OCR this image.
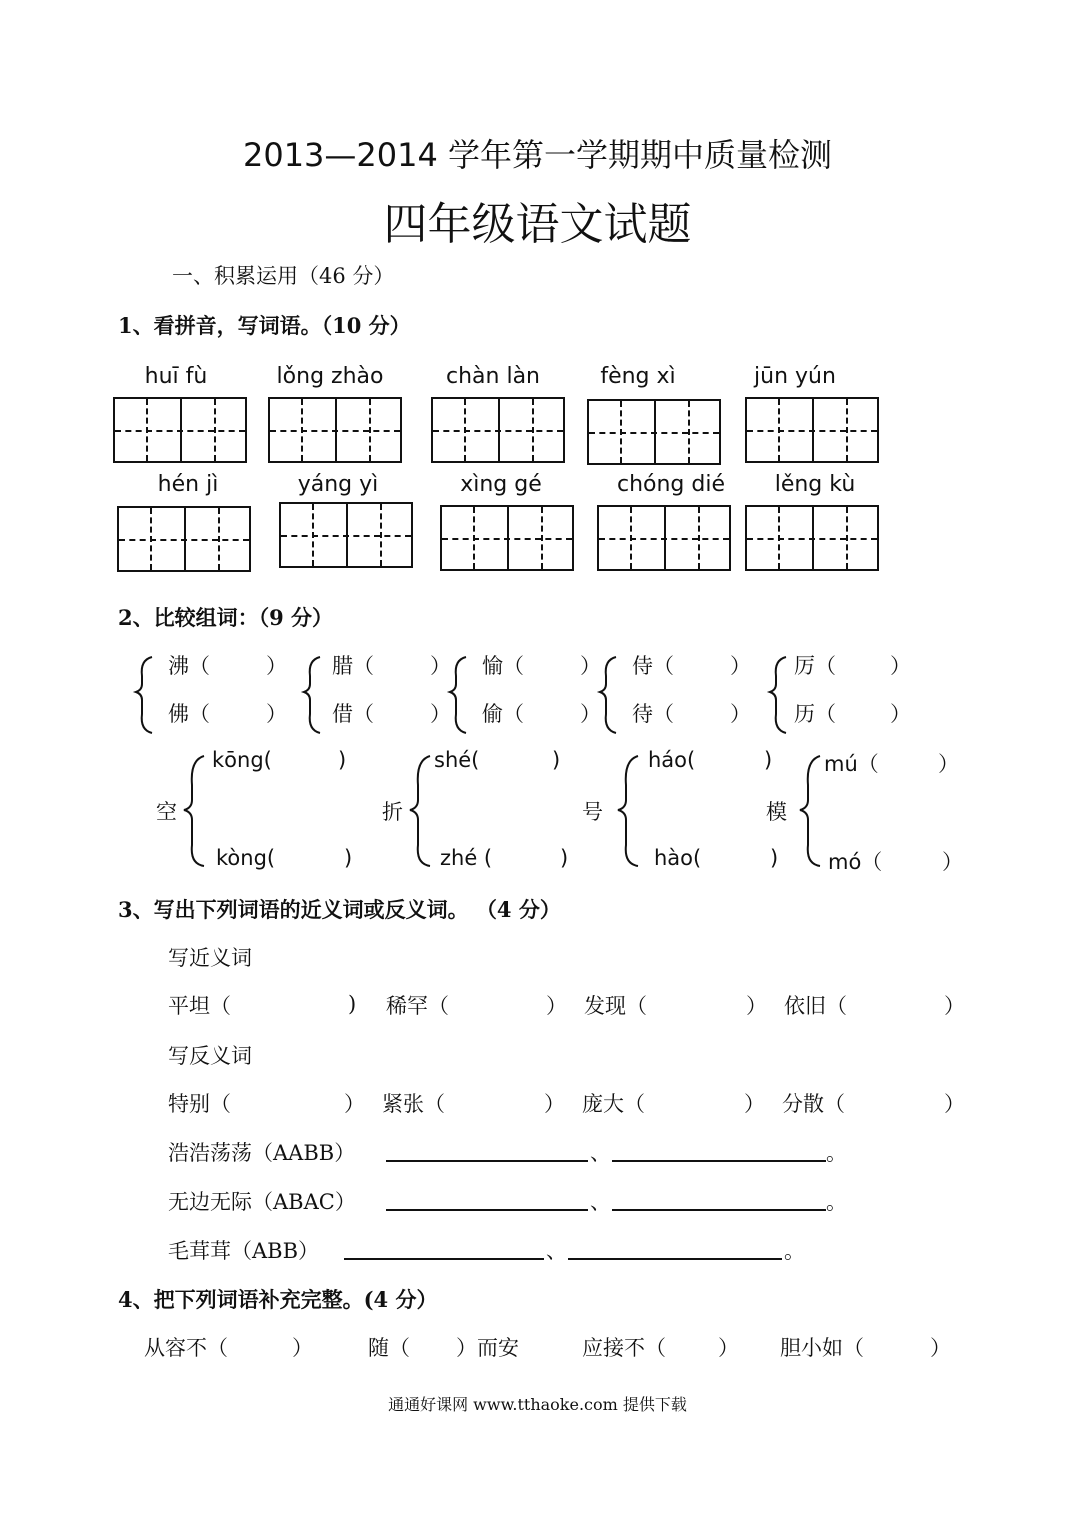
2013—2014 学年第一学期期中质量检测
四年级语文试题
一、积累运用（46 分）
1、看拼音，写词语。（10 分）
huī fù	lǒng zhào	chàn làn	fèng xì	jūn yún
hén jì	yáng yì	xìng gé	chóng dié	lěng kù
2、比较组词：（9 分）
沸（	）
佛（	）
腊（	）
借（	）
愉（	）
偷（	）
侍（	）
待（	）
厉（	）
历（	）
空
kōng(	)
kòng(	)
折
shé(	)
zhé (	)
号
háo(	)
hào(	)
模
mú（	）
mó（	）
3、写出下列词语的近义词或反义词。 （4 分）
写近义词
平坦（	) 稀罕（	） 发现（	） 依旧（	）
写反义词
特别（	） 紧张（	） 庞大（	） 分散（	）
浩浩荡荡（AABB）	、	。
无边无际（ABAC）	、	。
毛茸茸（ABB）	、	。
4、把下列词语补充完整。(4 分）
从容不（	）	随（ ）而安	应接不（ ） 胆小如（	）
通通好课网 www.tthaoke.com 提供下载
